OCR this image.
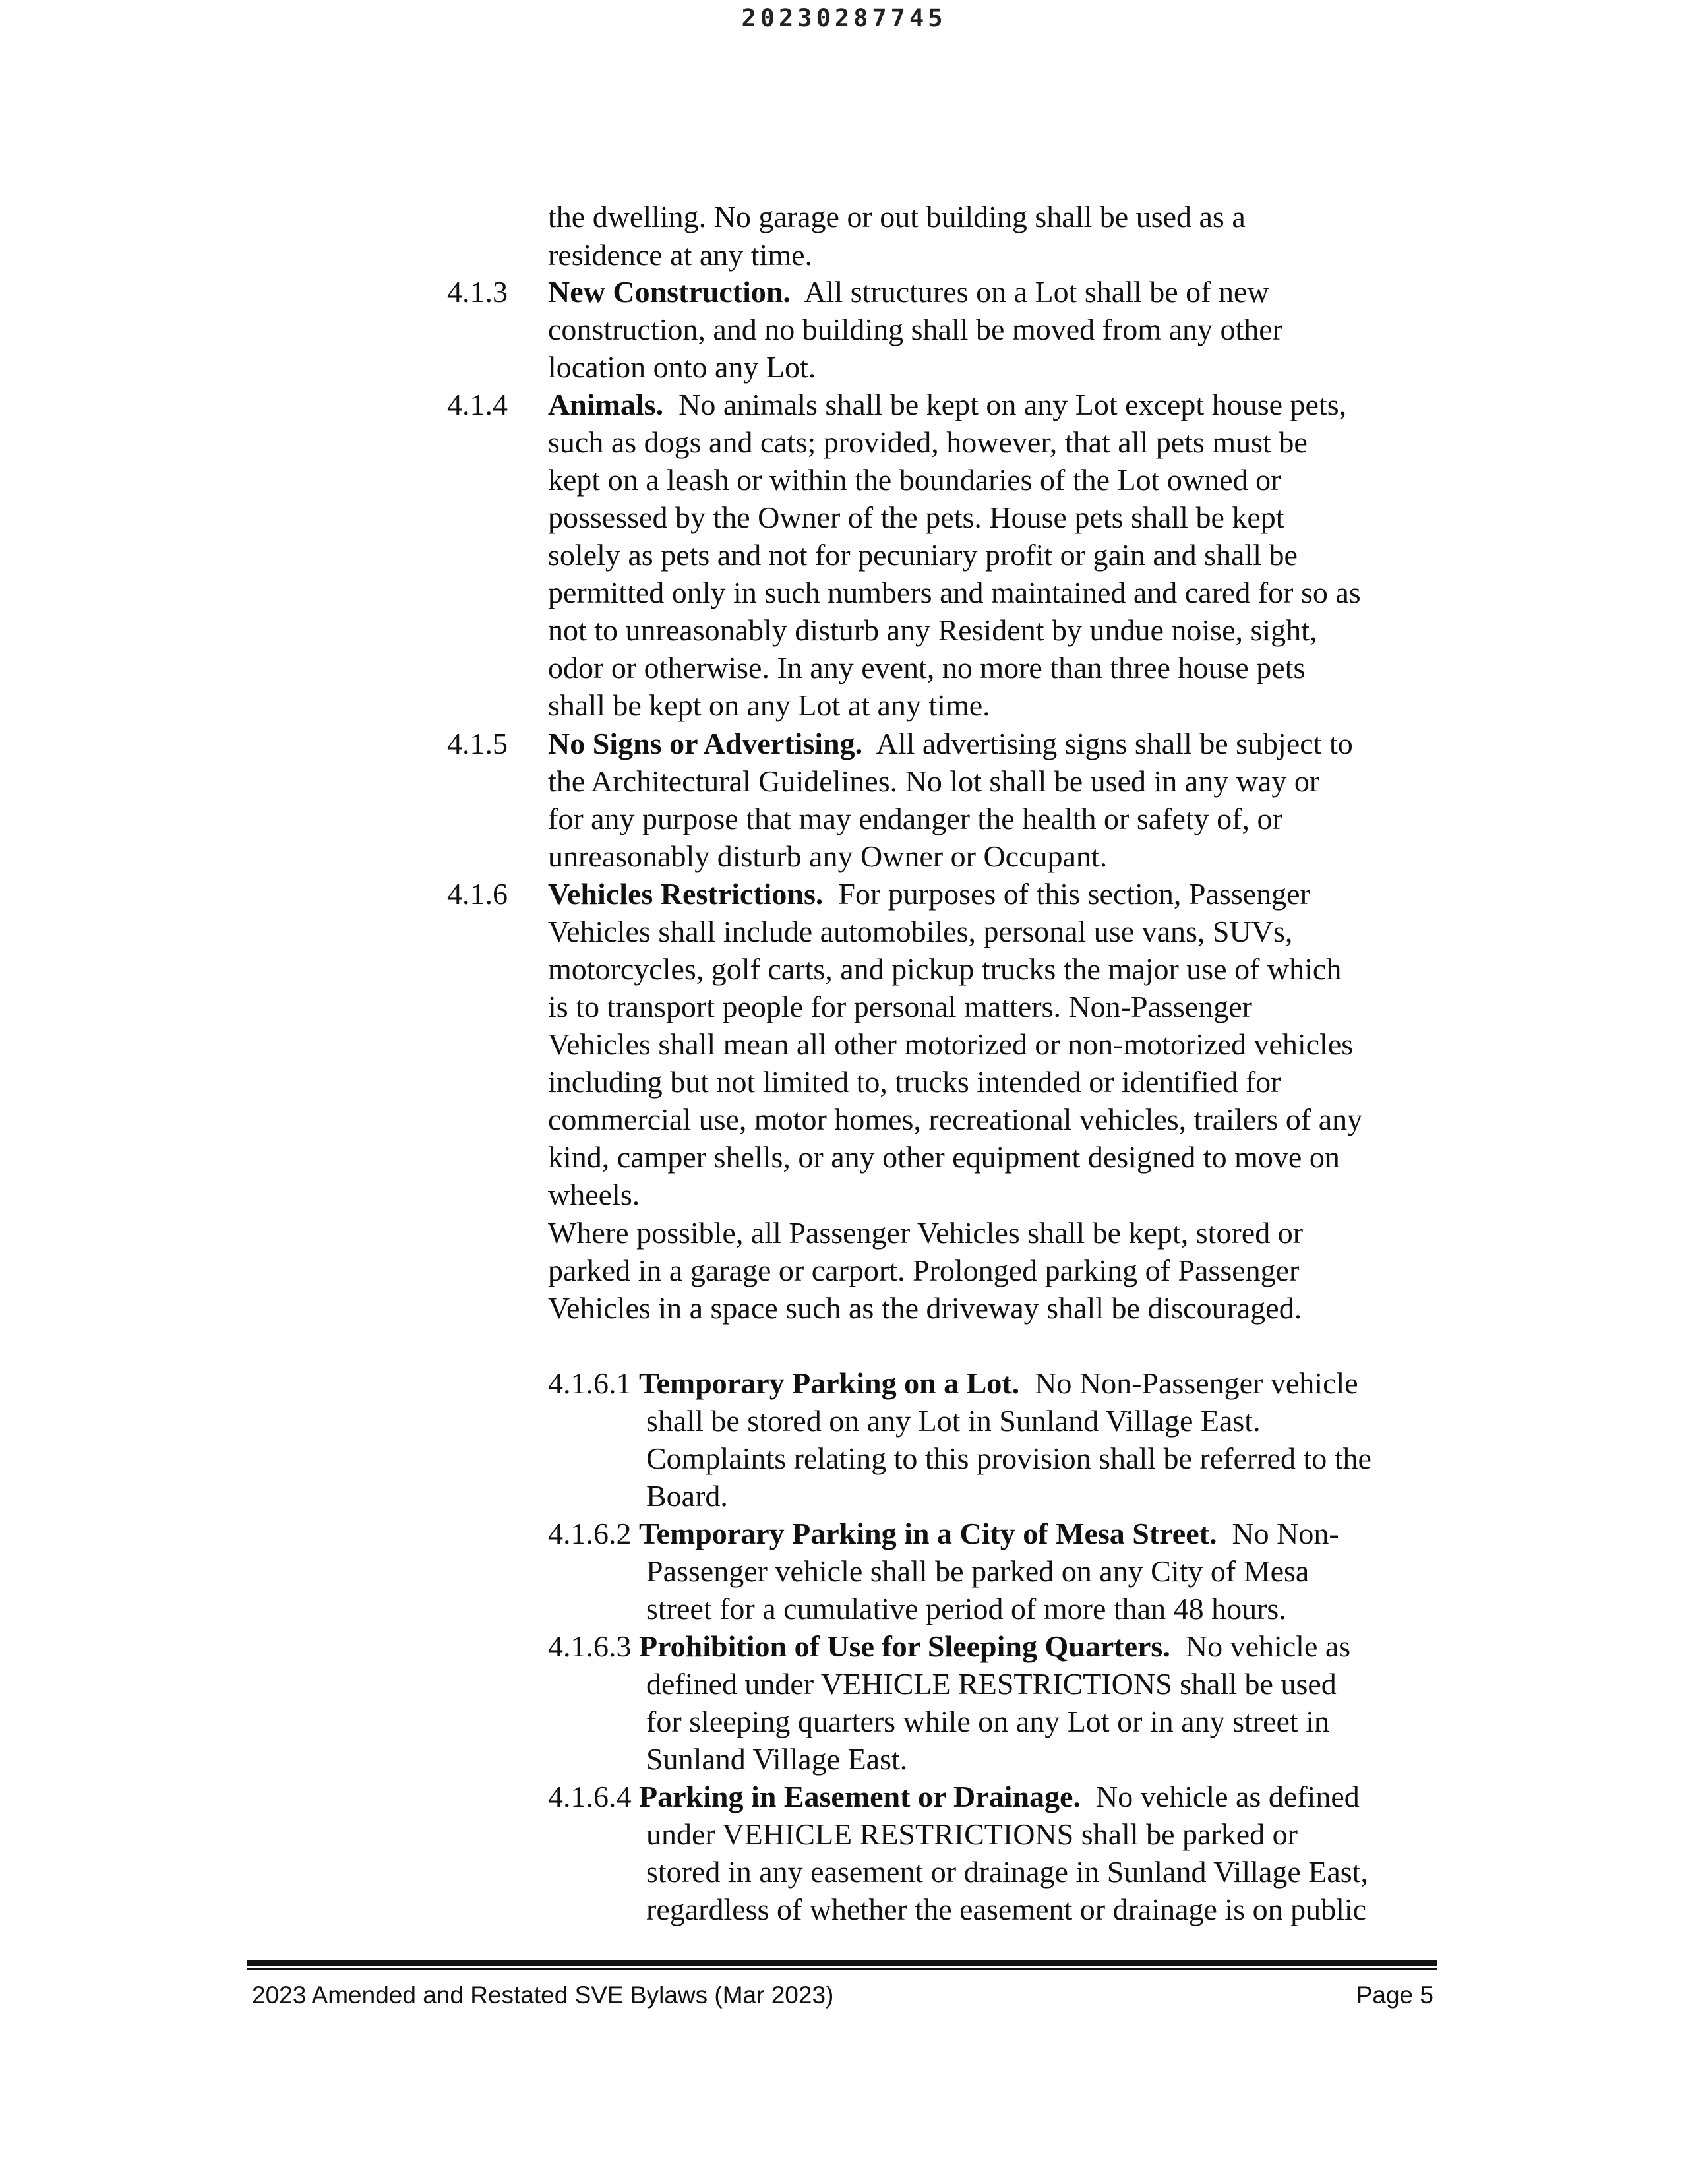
20230287745
the dwelling. No garage or out building shall be used as a
residence at any time.
4.1.3 New Construction. All structures on a Lot shall be of new
construction, and no building shall be moved from any other
location onto any Lot.
4.1.4 Animals. No animals shall be kept on any Lot except house pets,
such as dogs and cats; provided, however, that all pets must be
kept on a leash or within the boundaries of the Lot owned or
possessed by the Owner of the pets. House pets shall be kept
solely as pets and not for pecuniary profit or gain and shall be
permitted only in such numbers and maintained and cared for so as
not to unreasonably disturb any Resident by undue noise, sight,
odor or otherwise. In any event, no more than three house pets
shall be kept on any Lot at any time.
4.1.5 No Signs or Advertising. All advertising signs shall be subject to
the Architectural Guidelines. No lot shall be used in any way or
for any purpose that may endanger the health or safety of, or
unreasonably disturb any Owner or Occupant.
4.1.6 Vehicles Restrictions. For purposes of this section, Passenger
Vehicles shall include automobiles, personal use vans, SUVs,
motorcycles, golf carts, and pickup trucks the major use of which
is to transport people for personal matters. Non-Passenger
Vehicles shall mean all other motorized or non-motorized vehicles
including but not limited to, trucks intended or identified for
commercial use, motor homes, recreational vehicles, trailers of any
kind, camper shells, or any other equipment designed to move on
wheels.
Where possible, all Passenger Vehicles shall be kept, stored or
parked in a garage or carport. Prolonged parking of Passenger
Vehicles in a space such as the driveway shall be discouraged.
4.1.6.1 Temporary Parking on a Lot. No Non-Passenger vehicle
shall be stored on any Lot in Sunland Village East.
Complaints relating to this provision shall be referred to the
Board.
4.1.6.2 Temporary Parking in a City of Mesa Street. No Non-
Passenger vehicle shall be parked on any City of Mesa
street for a cumulative period of more than 48 hours.
4.1.6.3 Prohibition of Use for Sleeping Quarters. No vehicle as
defined under VEHICLE RESTRICTIONS shall be used
for sleeping quarters while on any Lot or in any street in
Sunland Village East.
4.1.6.4 Parking in Easement or Drainage. No vehicle as defined
under VEHICLE RESTRICTIONS shall be parked or
stored in any easement or drainage in Sunland Village East,
regardless of whether the easement or drainage is on public
2023 Amended and Restated SVE Bylaws (Mar 2023)	Page 5
